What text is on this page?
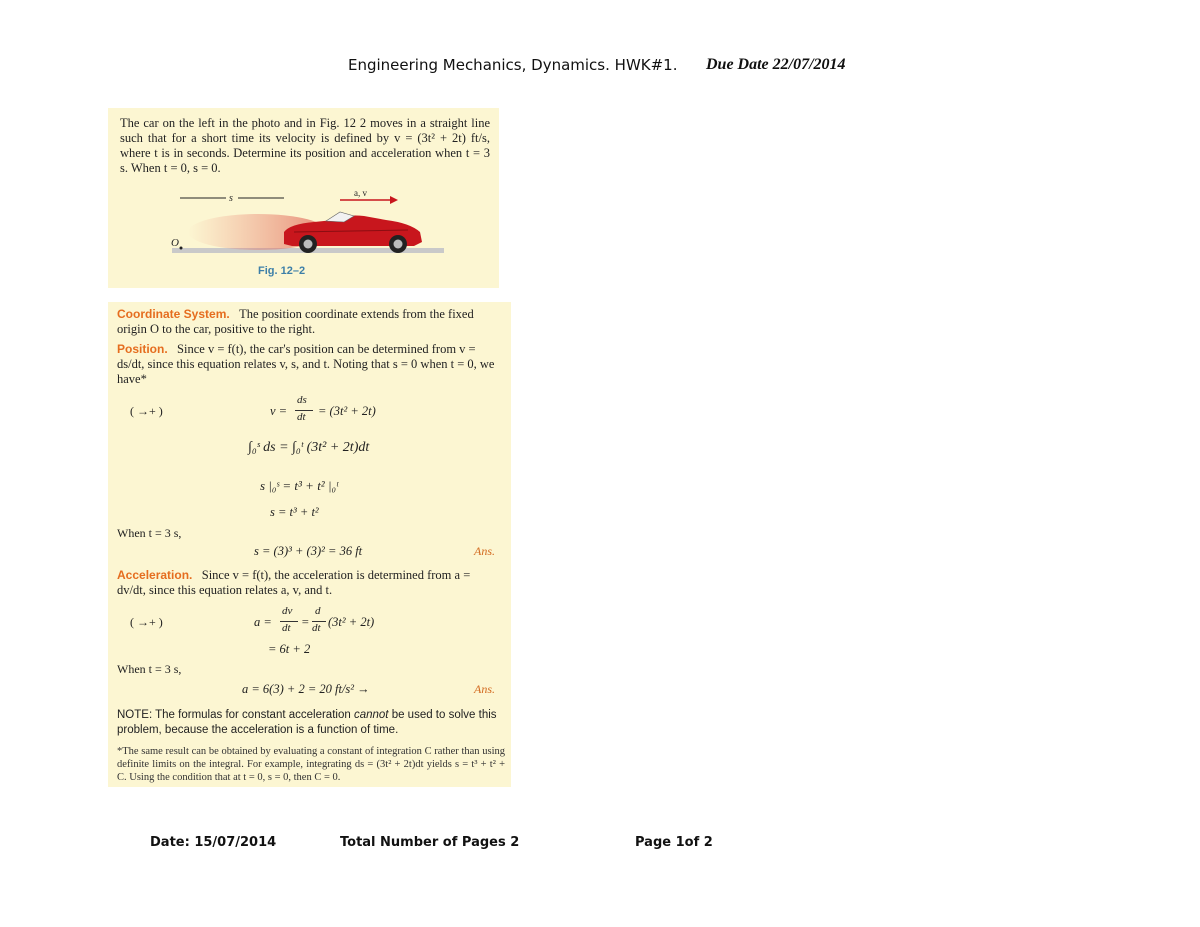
Engineering Mechanics, Dynamics. HWK#1. Due Date 22/07/2014
The car on the left in the photo and in Fig. 12 2 moves in a straight line such that for a short time its velocity is defined by v = (3t² + 2t) ft/s, where t is in seconds. Determine its position and acceleration when t = 3 s. When t = 0, s = 0.
s	a, v
O
Fig. 12–2
Coordinate System. The position coordinate extends from the fixed origin O to the car, positive to the right.
Position. Since v = f(t), the car's position can be determined from v = ds/dt, since this equation relates v, s, and t. Noting that s = 0 when t = 0, we have*
( →+ )	v =
ds
dt = (3t² + 2t)
∫₀ˢ ds = ∫₀ᵗ (3t² + 2t)dt
s |₀ˢ = t³ + t² |₀ᵗ
s = t³ + t²
When t = 3 s,
s = (3)³ + (3)² = 36 ft	Ans.
Acceleration. Since v = f(t), the acceleration is determined from a = dv/dt, since this equation relates a, v, and t.
( →+ )	a =
dv
dt =
d
dt (3t² + 2t)
= 6t + 2
When t = 3 s,
a = 6(3) + 2 = 20 ft/s² →	Ans.
NOTE: The formulas for constant acceleration cannot be used to solve this problem, because the acceleration is a function of time.
*The same result can be obtained by evaluating a constant of integration C rather than using definite limits on the integral. For example, integrating ds = (3t² + 2t)dt yields s = t³ + t² + C. Using the condition that at t = 0, s = 0, then C = 0.
Date: 15/07/2014	Total Number of Pages 2	Page 1of 2
